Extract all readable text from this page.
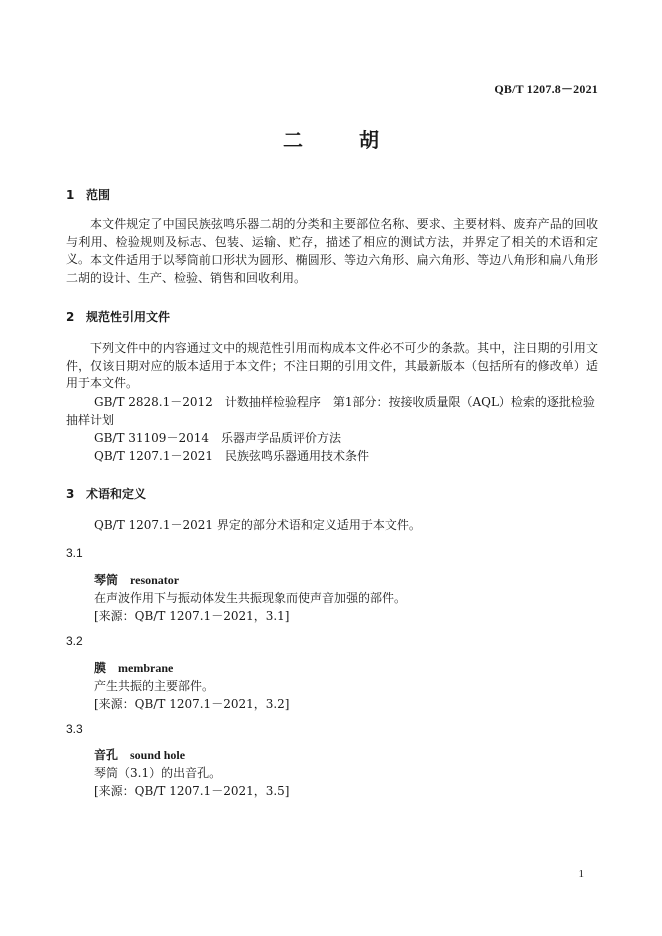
QB/T 1207.8－2021
二　胡
1 范围

本文件规定了中国民族弦鸣乐器二胡的分类和主要部位名称、要求、主要材料、废弃产品的回收与利用、检验规则及标志、包装、运输、贮存，描述了相应的测试方法，并界定了相关的术语和定义。 本文件适用于以琴筒前口形状为圆形、椭圆形、等边六角形、扁六角形、等边八角形和扁八角形二胡的设计、生产、检验、销售和回收利用。

2 规范性引用文件

下列文件中的内容通过文中的规范性引用而构成本文件必不可少的条款。其中，注日期的引用文件，仅该日期对应的版本适用于本文件；不注日期的引用文件，其最新版本（包括所有的修改单）适用于本文件。

GB/T 2828.1－2012　 计数抽样检验程序　第1部分：按接收质量限（AQL）检索的逐批检验抽样计划

GB/T 31109－2014 乐器声学品质评价方法

QB/T 1207.1－2021 民族弦鸣乐器通用技术条件

3 术语和定义
QB/T 1207.1－2021 界定的部分术语和定义适用于本文件。
3.1
琴筒 resonator
在声波作用下与振动体发生共振现象而使声音加强的部件。
[来源：QB/T 1207.1－2021，3.1]
3.2
膜 membrane
产生共振的主要部件。
[来源：QB/T 1207.1－2021，3.2]
3.3
音孔 sound hole
琴筒（3.1）的出音孔。
[来源：QB/T 1207.1－2021，3.5]
1
